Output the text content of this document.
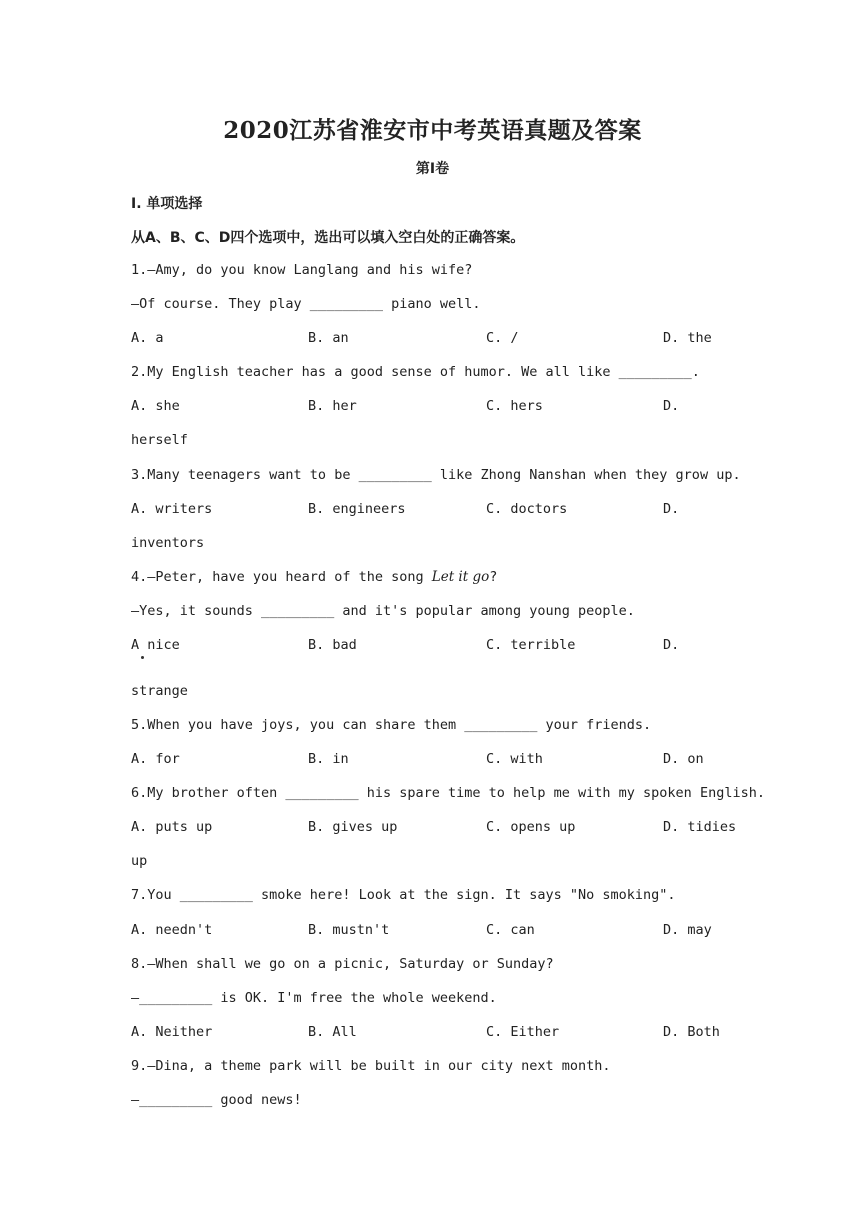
2020江苏省淮安市中考英语真题及答案
第Ⅰ卷
I. 单项选择
从A、B、C、D四个选项中，选出可以填入空白处的正确答案。
1.—Amy, do you know Langlang and his wife?
—Of course. They play _________ piano well.
A. a	B. an	C. /	D. the
2.My English teacher has a good sense of humor. We all like _________.
A. she	B. her	C. hers	D.
herself
3.Many teenagers want to be _________ like Zhong Nanshan when they grow up.
A. writers	B. engineers	C. doctors	D.
inventors
4.—Peter, have you heard of the song Let it go?
—Yes, it sounds _________ and it's popular among young people.
A nice	B. bad	C. terrible	D.
strange
5.When you have joys, you can share them _________ your friends.
A. for	B. in	C. with	D. on
6.My brother often _________ his spare time to help me with my spoken English.
A. puts up	B. gives up	C. opens up	D. tidies
up
7.You _________ smoke here! Look at the sign. It says "No smoking".
A. needn't	B. mustn't	C. can	D. may
8.—When shall we go on a picnic, Saturday or Sunday?
—_________ is OK. I'm free the whole weekend.
A. Neither	B. All	C. Either	D. Both
9.—Dina, a theme park will be built in our city next month.
—_________ good news!
